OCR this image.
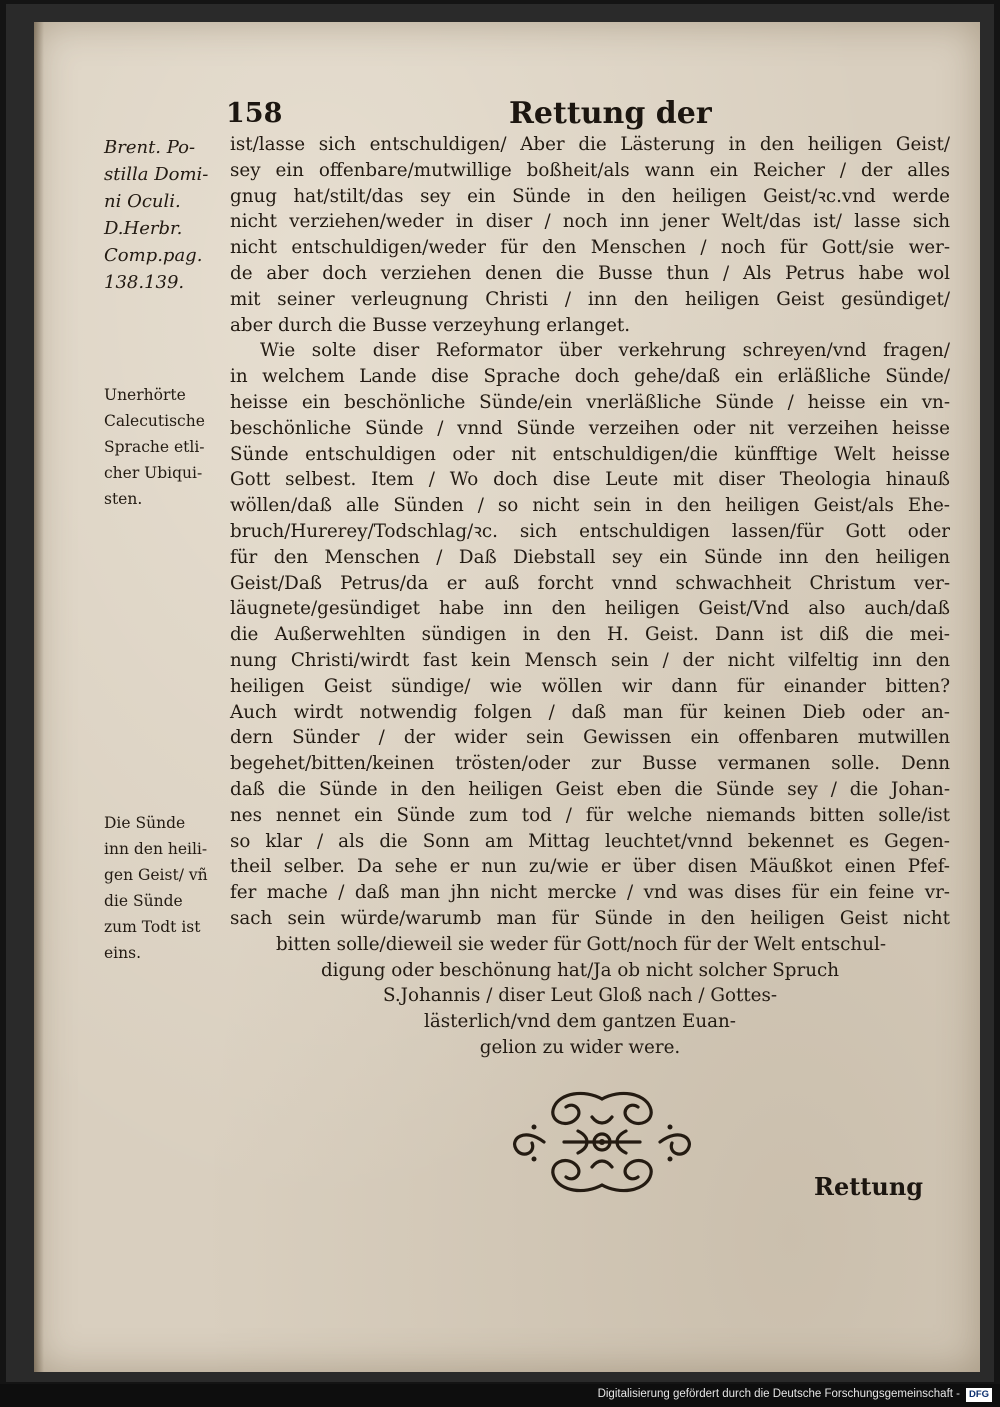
158	Rettung der
Brent. Po-
stilla Domi-
ni Oculi.
D.Herbr.
Comp.pag.
138.139.
Unerhörte
Calecutische
Sprache etli-
cher Ubiqui-
sten.
Die Sünde
inn den heili-
gen Geist/ vñ
die Sünde
zum Todt ist
eins.
ist/lasse sich entschuldigen/ Aber die Lästerung in den heiligen Geist/
sey ein offenbare/mutwillige boßheit/als wann ein Reicher / der alles
gnug hat/stilt/das sey ein Sünde in den heiligen Geist/ꝛc.vnd werde
nicht verziehen/weder in diser / noch inn jener Welt/das ist/ lasse sich
nicht entschuldigen/weder für den Menschen / noch für Gott/sie wer-
de aber doch verziehen denen die Busse thun / Als Petrus habe wol
mit seiner verleugnung Christi / inn den heiligen Geist gesündiget/
aber durch die Busse verzeyhung erlanget.
Wie solte diser Reformator über verkehrung schreyen/vnd fragen/
in welchem Lande dise Sprache doch gehe/daß ein erläßliche Sünde/
heisse ein beschönliche Sünde/ein vnerläßliche Sünde / heisse ein vn-
beschönliche Sünde / vnnd Sünde verzeihen oder nit verzeihen heisse
Sünde entschuldigen oder nit entschuldigen/die künfftige Welt heisse
Gott selbest. Item / Wo doch dise Leute mit diser Theologia hinauß
wöllen/daß alle Sünden / so nicht sein in den heiligen Geist/als Ehe-
bruch/Hurerey/Todschlag/ꝛc. sich entschuldigen lassen/für Gott oder
für den Menschen / Daß Diebstall sey ein Sünde inn den heiligen
Geist/Daß Petrus/da er auß forcht vnnd schwachheit Christum ver-
läugnete/gesündiget habe inn den heiligen Geist/Vnd also auch/daß
die Außerwehlten sündigen in den H. Geist. Dann ist diß die mei-
nung Christi/wirdt fast kein Mensch sein / der nicht vilfeltig inn den
heiligen Geist sündige/ wie wöllen wir dann für einander bitten?
Auch wirdt notwendig folgen / daß man für keinen Dieb oder an-
dern Sünder / der wider sein Gewissen ein offenbaren mutwillen
begehet/bitten/keinen trösten/oder zur Busse vermanen solle. Denn
daß die Sünde in den heiligen Geist eben die Sünde sey / die Johan-
nes nennet ein Sünde zum tod / für welche niemands bitten solle/ist
so klar / als die Sonn am Mittag leuchtet/vnnd bekennet es Gegen-
theil selber. Da sehe er nun zu/wie er über disen Mäußkot einen Pfef-
fer mache / daß man jhn nicht mercke / vnd was dises für ein feine vr-
sach sein würde/warumb man für Sünde in den heiligen Geist nicht
bitten solle/dieweil sie weder für Gott/noch für der Welt entschul-
digung oder beschönung hat/Ja ob nicht solcher Spruch
S.Johannis / diser Leut Gloß nach / Gottes-
lästerlich/vnd dem gantzen Euan-
gelion zu wider were.
Rettung
Digitalisierung gefördert durch die Deutsche Forschungsgemeinschaft - DFG
